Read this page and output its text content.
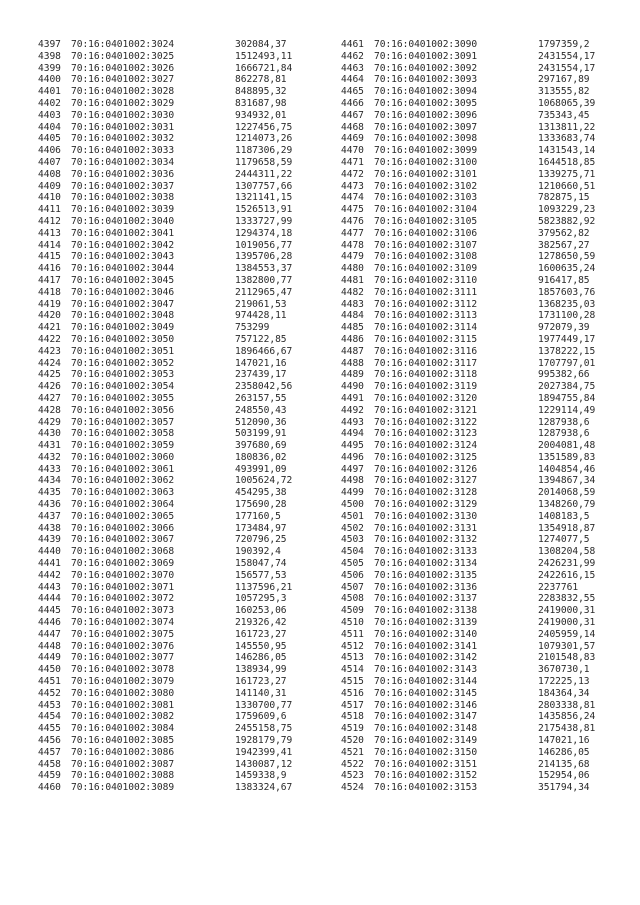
4397 70:16:0401002:3024	302084,37
4398 70:16:0401002:3025	1512493,11
4399 70:16:0401002:3026	1666721,84
4400 70:16:0401002:3027	862278,81
4401 70:16:0401002:3028	848895,32
4402 70:16:0401002:3029	831687,98
4403 70:16:0401002:3030	934932,01
4404 70:16:0401002:3031	1227456,75
4405 70:16:0401002:3032	1214073,26
4406 70:16:0401002:3033	1187306,29
4407 70:16:0401002:3034	1179658,59
4408 70:16:0401002:3036	2444311,22
4409 70:16:0401002:3037	1307757,66
4410 70:16:0401002:3038	1321141,15
4411 70:16:0401002:3039	1526513,91
4412 70:16:0401002:3040	1333727,99
4413 70:16:0401002:3041	1294374,18
4414 70:16:0401002:3042	1019056,77
4415 70:16:0401002:3043	1395706,28
4416 70:16:0401002:3044	1384553,37
4417 70:16:0401002:3045	1382800,77
4418 70:16:0401002:3046	2112965,47
4419 70:16:0401002:3047	219061,53
4420 70:16:0401002:3048	974428,11
4421 70:16:0401002:3049	753299
4422 70:16:0401002:3050	757122,85
4423 70:16:0401002:3051	1896466,67
4424 70:16:0401002:3052	147021,16
4425 70:16:0401002:3053	237439,17
4426 70:16:0401002:3054	2358042,56
4427 70:16:0401002:3055	263157,55
4428 70:16:0401002:3056	248550,43
4429 70:16:0401002:3057	512090,36
4430 70:16:0401002:3058	503199,91
4431 70:16:0401002:3059	397680,69
4432 70:16:0401002:3060	180836,02
4433 70:16:0401002:3061	493991,09
4434 70:16:0401002:3062	1005624,72
4435 70:16:0401002:3063	454295,38
4436 70:16:0401002:3064	175690,28
4437 70:16:0401002:3065	177160,5
4438 70:16:0401002:3066	173484,97
4439 70:16:0401002:3067	720796,25
4440 70:16:0401002:3068	190392,4
4441 70:16:0401002:3069	158047,74
4442 70:16:0401002:3070	156577,53
4443 70:16:0401002:3071	1137596,21
4444 70:16:0401002:3072	1057295,3
4445 70:16:0401002:3073	160253,06
4446 70:16:0401002:3074	219326,42
4447 70:16:0401002:3075	161723,27
4448 70:16:0401002:3076	145550,95
4449 70:16:0401002:3077	146286,05
4450 70:16:0401002:3078	138934,99
4451 70:16:0401002:3079	161723,27
4452 70:16:0401002:3080	141140,31
4453 70:16:0401002:3081	1330700,77
4454 70:16:0401002:3082	1759609,6
4455 70:16:0401002:3084	2455158,75
4456 70:16:0401002:3085	1928179,79
4457 70:16:0401002:3086	1942399,41
4458 70:16:0401002:3087	1430087,12
4459 70:16:0401002:3088	1459338,9
4460 70:16:0401002:3089	1383324,67
4461 70:16:0401002:3090	1797359,2
4462 70:16:0401002:3091	2431554,17
4463 70:16:0401002:3092	2431554,17
4464 70:16:0401002:3093	297167,89
4465 70:16:0401002:3094	313555,82
4466 70:16:0401002:3095	1068065,39
4467 70:16:0401002:3096	735343,45
4468 70:16:0401002:3097	1313811,22
4469 70:16:0401002:3098	1333683,74
4470 70:16:0401002:3099	1431543,14
4471 70:16:0401002:3100	1644518,85
4472 70:16:0401002:3101	1339275,71
4473 70:16:0401002:3102	1210660,51
4474 70:16:0401002:3103	782875,15
4475 70:16:0401002:3104	1093229,23
4476 70:16:0401002:3105	5823882,92
4477 70:16:0401002:3106	379562,82
4478 70:16:0401002:3107	382567,27
4479 70:16:0401002:3108	1278650,59
4480 70:16:0401002:3109	1600635,24
4481 70:16:0401002:3110	916417,85
4482 70:16:0401002:3111	1857603,76
4483 70:16:0401002:3112	1368235,03
4484 70:16:0401002:3113	1731100,28
4485 70:16:0401002:3114	972079,39
4486 70:16:0401002:3115	1977449,17
4487 70:16:0401002:3116	1378222,15
4488 70:16:0401002:3117	1707797,01
4489 70:16:0401002:3118	995382,66
4490 70:16:0401002:3119	2027384,75
4491 70:16:0401002:3120	1894755,84
4492 70:16:0401002:3121	1229114,49
4493 70:16:0401002:3122	1287938,6
4494 70:16:0401002:3123	1287938,6
4495 70:16:0401002:3124	2004081,48
4496 70:16:0401002:3125	1351589,83
4497 70:16:0401002:3126	1404854,46
4498 70:16:0401002:3127	1394867,34
4499 70:16:0401002:3128	2014068,59
4500 70:16:0401002:3129	1348260,79
4501 70:16:0401002:3130	1408183,5
4502 70:16:0401002:3131	1354918,87
4503 70:16:0401002:3132	1274077,5
4504 70:16:0401002:3133	1308204,58
4505 70:16:0401002:3134	2426231,99
4506 70:16:0401002:3135	2422616,15
4507 70:16:0401002:3136	2237761
4508 70:16:0401002:3137	2283832,55
4509 70:16:0401002:3138	2419000,31
4510 70:16:0401002:3139	2419000,31
4511 70:16:0401002:3140	2405959,14
4512 70:16:0401002:3141	1079301,57
4513 70:16:0401002:3142	2101548,83
4514 70:16:0401002:3143	3670730,1
4515 70:16:0401002:3144	172225,13
4516 70:16:0401002:3145	184364,34
4517 70:16:0401002:3146	2803338,81
4518 70:16:0401002:3147	1435856,24
4519 70:16:0401002:3148	2175438,81
4520 70:16:0401002:3149	147021,16
4521 70:16:0401002:3150	146286,05
4522 70:16:0401002:3151	214135,68
4523 70:16:0401002:3152	152954,06
4524 70:16:0401002:3153	351794,34
